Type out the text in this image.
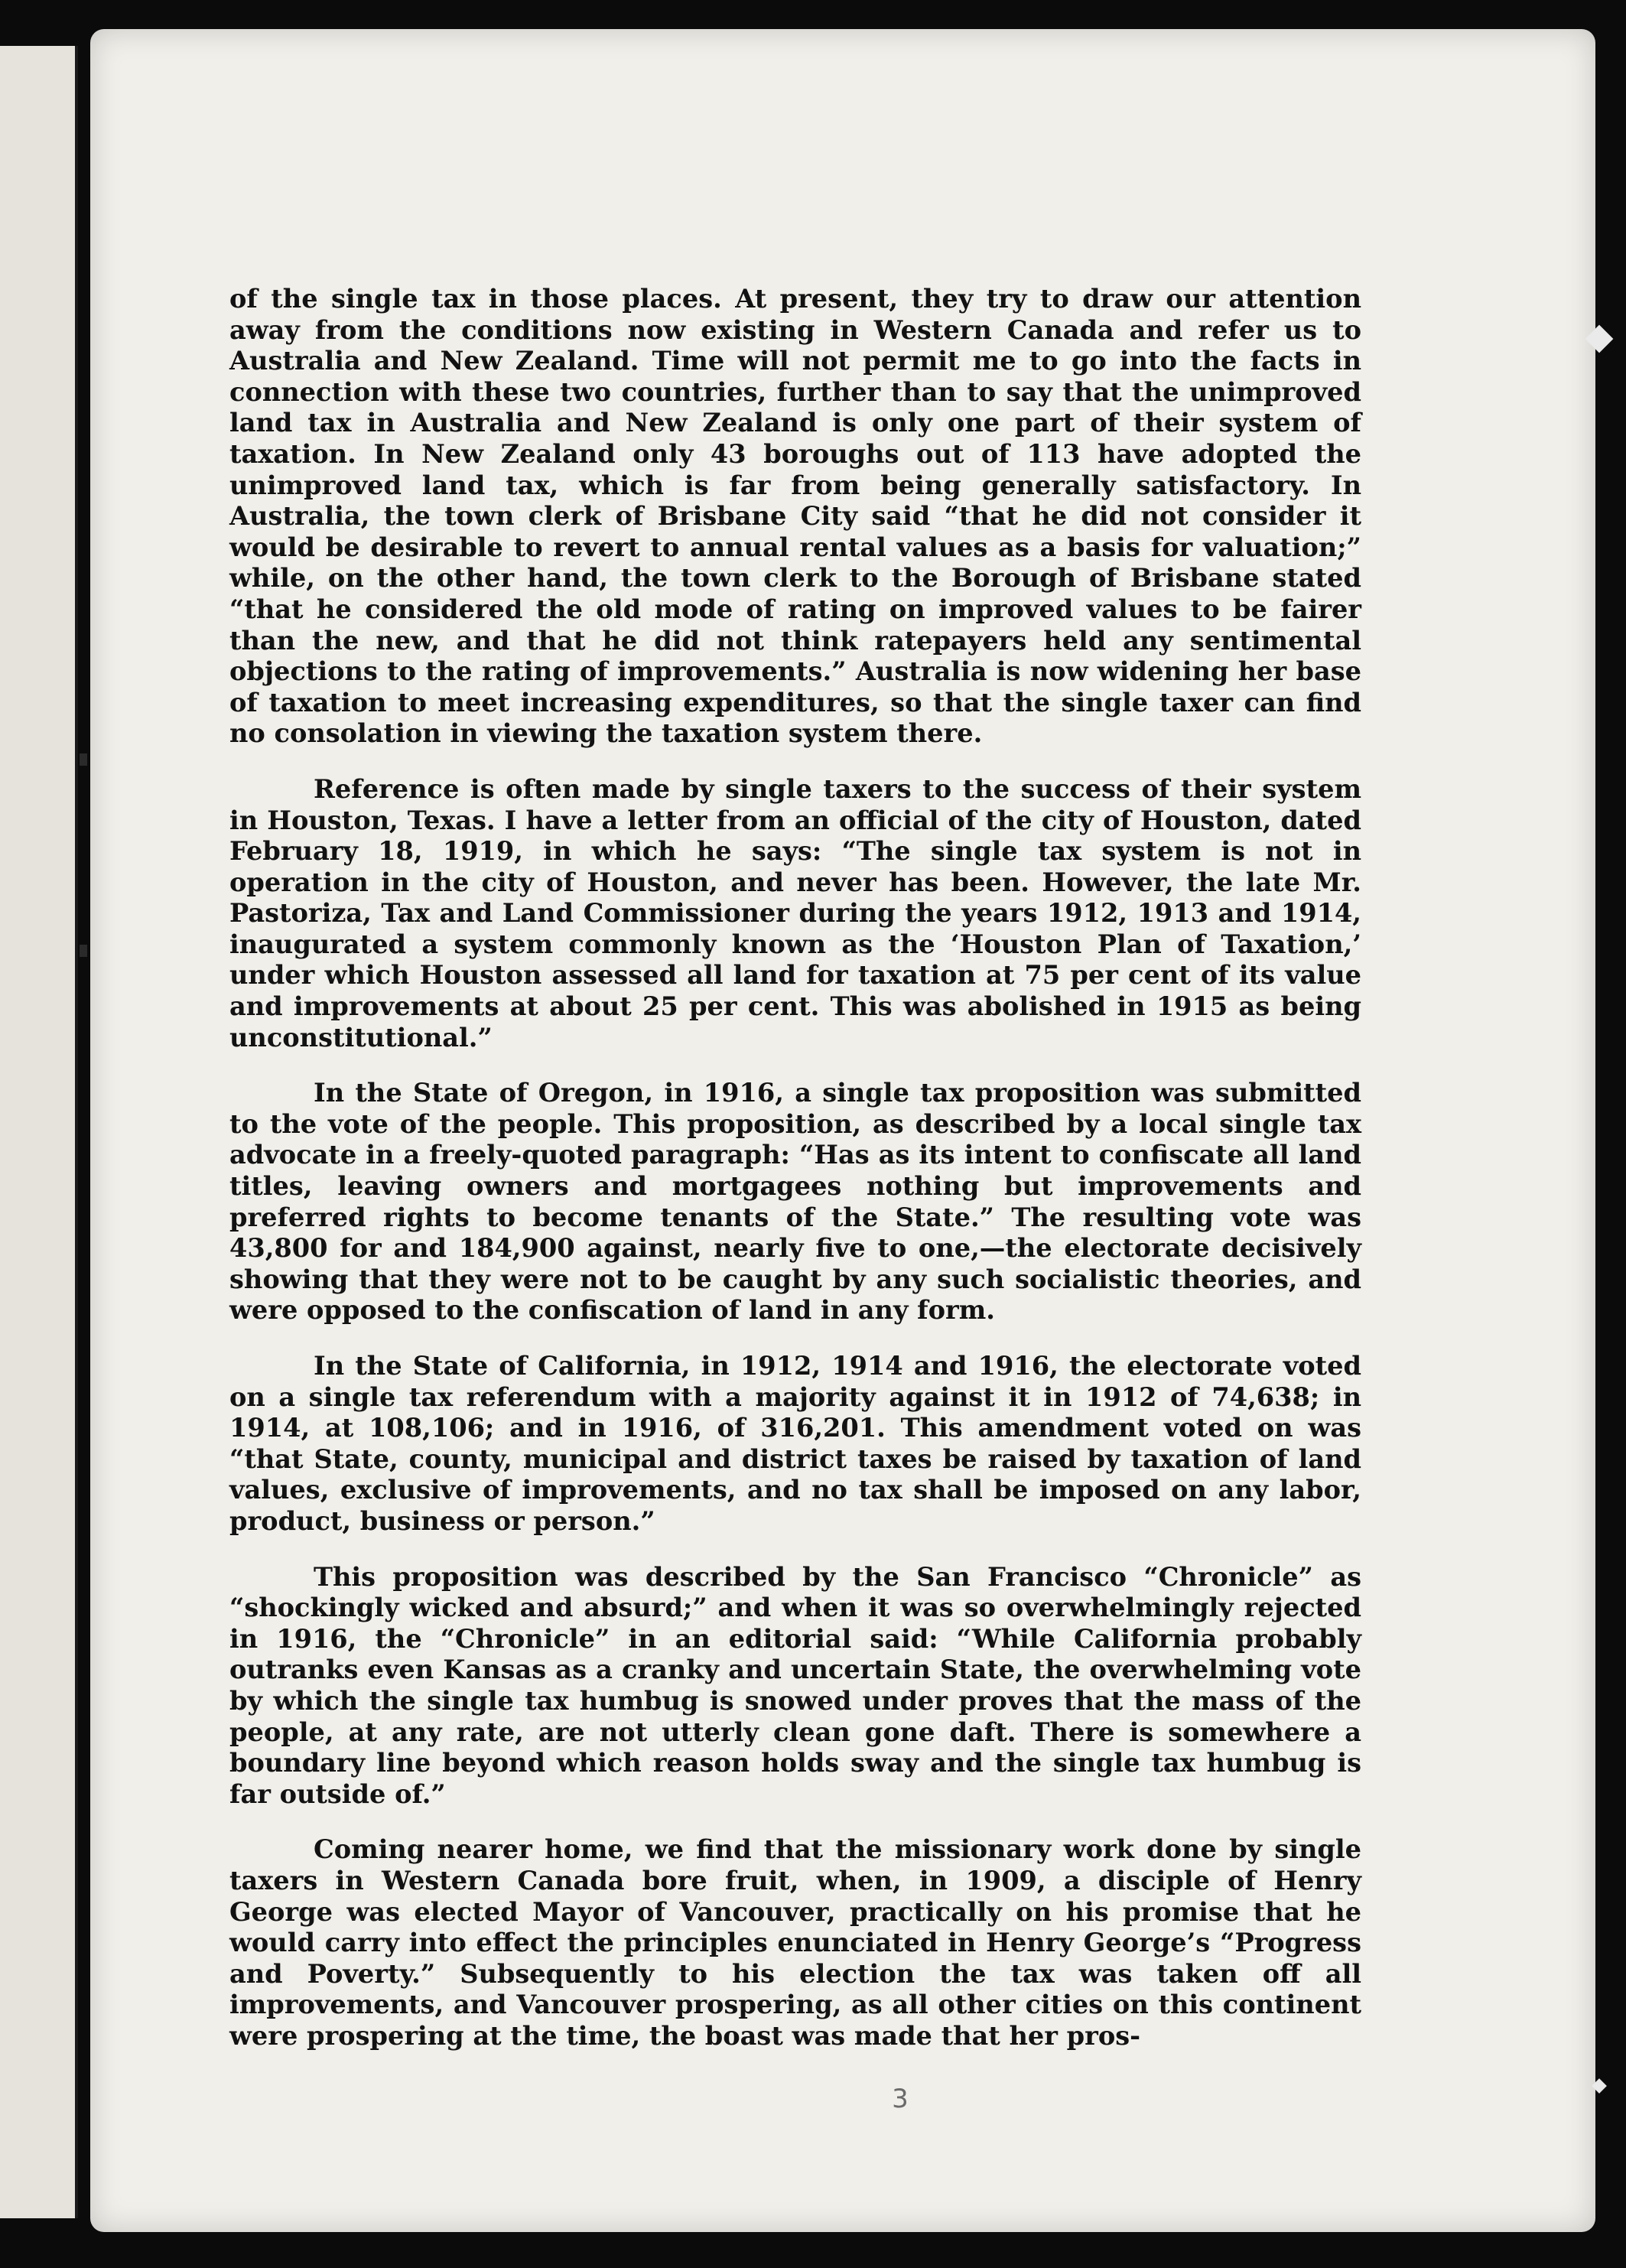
of the single tax in those places. At present, they try to draw our attention away from the conditions now existing in Western Canada and refer us to Australia and New Zealand. Time will not permit me to go into the facts in connection with these two countries, further than to say that the unimproved land tax in Australia and New Zealand is only one part of their system of taxation. In New Zealand only 43 boroughs out of 113 have adopted the unimproved land tax, which is far from being generally satisfactory. In Australia, the town clerk of Brisbane City said “that he did not consider it would be desirable to revert to annual rental values as a basis for valuation;” while, on the other hand, the town clerk to the Borough of Brisbane stated “that he considered the old mode of rating on improved values to be fairer than the new, and that he did not think ratepayers held any sentimental objections to the rating of improvements.” Australia is now widening her base of taxation to meet increasing expenditures, so that the single taxer can find no consolation in viewing the taxation system there.

Reference is often made by single taxers to the success of their system in Houston, Texas. I have a letter from an official of the city of Houston, dated February 18, 1919, in which he says: “The single tax system is not in operation in the city of Houston, and never has been. However, the late Mr. Pastoriza, Tax and Land Commissioner during the years 1912, 1913 and 1914, inaugurated a system commonly known as the ‘Houston Plan of Taxation,’ under which Houston assessed all land for taxation at 75 per cent of its value and improvements at about 25 per cent. This was abolished in 1915 as being unconstitutional.”

In the State of Oregon, in 1916, a single tax proposition was submitted to the vote of the people. This proposition, as described by a local single tax advocate in a freely-quoted paragraph: “Has as its intent to confiscate all land titles, leaving owners and mortgagees nothing but improvements and preferred rights to become tenants of the State.” The resulting vote was 43,800 for and 184,900 against, nearly five to one,—the electorate decisively showing that they were not to be caught by any such socialistic theories, and were opposed to the confiscation of land in any form.

In the State of California, in 1912, 1914 and 1916, the electorate voted on a single tax referendum with a majority against it in 1912 of 74,638; in 1914, at 108,106; and in 1916, of 316,201. This amendment voted on was “that State, county, municipal and district taxes be raised by taxation of land values, exclusive of improvements, and no tax shall be imposed on any labor, product, business or person.”

This proposition was described by the San Francisco “Chronicle” as “shockingly wicked and absurd;” and when it was so overwhelmingly rejected in 1916, the “Chronicle” in an editorial said: “While California probably outranks even Kansas as a cranky and uncertain State, the overwhelming vote by which the single tax humbug is snowed under proves that the mass of the people, at any rate, are not utterly clean gone daft. There is somewhere a boundary line beyond which reason holds sway and the single tax humbug is far outside of.”

Coming nearer home, we find that the missionary work done by single taxers in Western Canada bore fruit, when, in 1909, a disciple of Henry George was elected Mayor of Vancouver, practically on his promise that he would carry into effect the principles enunciated in Henry George’s “Progress and Poverty.” Subsequently to his election the tax was taken off all improvements, and Vancouver prospering, as all other cities on this continent were prospering at the time, the boast was made that her pros-

3
